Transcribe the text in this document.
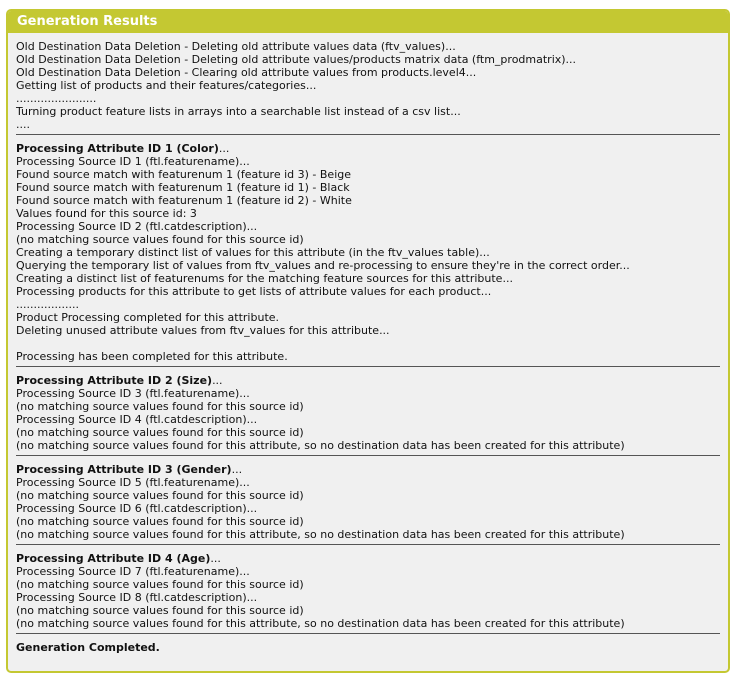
Generation Results
Old Destination Data Deletion - Deleting old attribute values data (ftv_values)...
Old Destination Data Deletion - Deleting old attribute values/products matrix data (ftm_prodmatrix)...
Old Destination Data Deletion - Clearing old attribute values from products.level4...
Getting list of products and their features/categories...
.......................
Turning product feature lists in arrays into a searchable list instead of a csv list...
....
Processing Attribute ID 1 (Color)...
Processing Source ID 1 (ftl.featurename)...
Found source match with featurenum 1 (feature id 3) - Beige
Found source match with featurenum 1 (feature id 1) - Black
Found source match with featurenum 1 (feature id 2) - White
Values found for this source id: 3
Processing Source ID 2 (ftl.catdescription)...
(no matching source values found for this source id)
Creating a temporary distinct list of values for this attribute (in the ftv_values table)...
Querying the temporary list of values from ftv_values and re-processing to ensure they're in the correct order...
Creating a distinct list of featurenums for the matching feature sources for this attribute...
Processing products for this attribute to get lists of attribute values for each product...
..................
Product Processing completed for this attribute.
Deleting unused attribute values from ftv_values for this attribute...
Processing has been completed for this attribute.
Processing Attribute ID 2 (Size)...
Processing Source ID 3 (ftl.featurename)...
(no matching source values found for this source id)
Processing Source ID 4 (ftl.catdescription)...
(no matching source values found for this source id)
(no matching source values found for this attribute, so no destination data has been created for this attribute)
Processing Attribute ID 3 (Gender)...
Processing Source ID 5 (ftl.featurename)...
(no matching source values found for this source id)
Processing Source ID 6 (ftl.catdescription)...
(no matching source values found for this source id)
(no matching source values found for this attribute, so no destination data has been created for this attribute)
Processing Attribute ID 4 (Age)...
Processing Source ID 7 (ftl.featurename)...
(no matching source values found for this source id)
Processing Source ID 8 (ftl.catdescription)...
(no matching source values found for this source id)
(no matching source values found for this attribute, so no destination data has been created for this attribute)
Generation Completed.
